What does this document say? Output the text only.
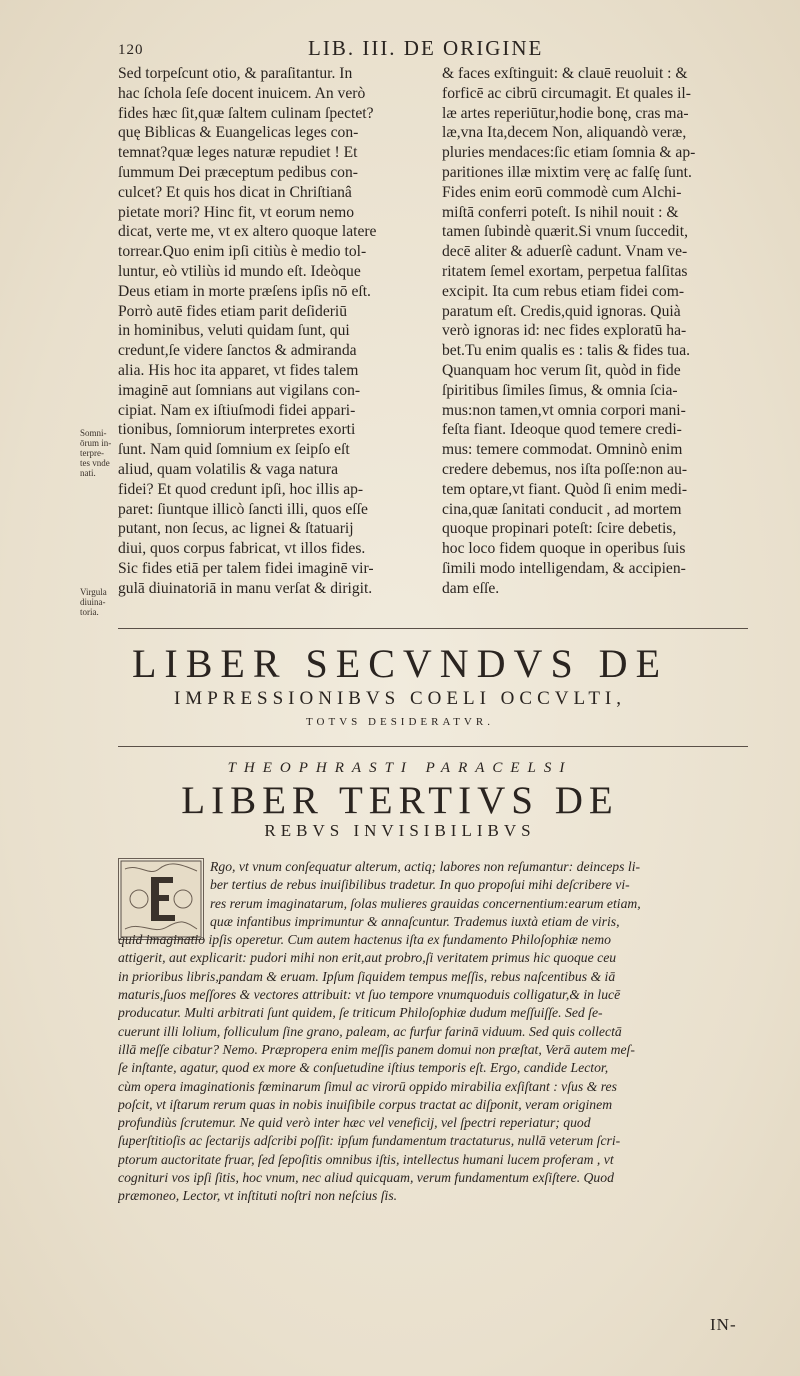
120	LIB. III. DE ORIGINE
Sed torpeſcunt otio, & paraſitantur. In
hac ſchola ſeſe docent inuicem. An verò
fides hæc ſit,quæ ſaltem culinam ſpectet?
quę Biblicas & Euangelicas leges con-
temnat?quæ leges naturæ repudiet ! Et
ſummum Dei præceptum pedibus con-
culcet? Et quis hos dicat in Chriſtianâ
pietate mori? Hinc fit, vt eorum nemo
dicat, verte me, vt ex altero quoque latere
torrear.Quo enim ipſi citiùs è medio tol-
luntur, eò vtiliùs id mundo eſt. Ideòque
Deus etiam in morte præſens ipſis nō eſt.
Porrò autē fides etiam parit deſideriū
in hominibus, veluti quidam ſunt, qui
credunt,ſe videre ſanctos & admiranda
alia. His hoc ita apparet, vt fides talem
imaginē aut ſomnians aut vigilans con-
cipiat. Nam ex iſtiuſmodi fidei appari-
tionibus, ſomniorum interpretes exorti
ſunt. Nam quid ſomnium ex ſeipſo eſt
aliud, quam volatilis & vaga natura
fidei? Et quod credunt ipſi, hoc illis ap-
paret: ſiuntque illicò ſancti illi, quos eſſe
putant, non ſecus, ac lignei & ſtatuarij
diui, quos corpus fabricat, vt illos fides.
Sic fides etiā per talem fidei imaginē vir-
gulā diuinatoriā in manu verſat & dirigit.
& faces exſtinguit: & clauē reuoluit : &
forficē ac cibrū circumagit. Et quales il-
læ artes reperiūtur,hodie bonę, cras ma-
læ,vna Ita,decem Non, aliquandò veræ,
pluries mendaces:ſic etiam ſomnia & ap-
paritiones illæ mixtim verę ac falſę ſunt.
Fides enim eorū commodè cum Alchi-
miſtā conferri poteſt. Is nihil nouit : &
tamen ſubindè quærit.Si vnum ſuccedit,
decē aliter & aduerſè cadunt. Vnam ve-
ritatem ſemel exortam, perpetua falſitas
excipit. Ita cum rebus etiam fidei com-
paratum eſt. Credis,quid ignoras. Quià
verò ignoras id: nec fides exploratū ha-
bet.Tu enim qualis es : talis & fides tua.
Quanquam hoc verum ſit, quòd in fide
ſpiritibus ſimiles ſimus, & omnia ſcia-
mus:non tamen,vt omnia corpori mani-
feſta fiant. Ideoque quod temere credi-
mus: temere commodat. Omninò enim
credere debemus, nos iſta poſſe:non au-
tem optare,vt fiant. Quòd ſi enim medi-
cina,quæ ſanitati conducit , ad mortem
quoque propinari poteſt: ſcire debetis,
hoc loco fidem quoque in operibus ſuis
ſimili modo intelligendam, & accipien-
dam eſſe.
Somni-
ōrum in-
terpre-
tes vnde
nati.
Virgula
diuina-
toria.
LIBER SECVNDVS DE
IMPRESSIONIBVS COELI OCCVLTI,
TOTVS DESIDERATVR.
THEOPHRASTI PARACELSI
LIBER TERTIVS DE
REBVS INVISIBILIBVS
Rgo, vt vnum conſequatur alterum, actiq; labores non reſumantur: deinceps li-
ber tertius de rebus inuiſibilibus tradetur. In quo propoſui mihi deſcribere vi-
res rerum imaginatarum, ſolas mulieres grauidas concernentium:earum etiam,
quæ infantibus imprimuntur & annaſcuntur. Trademus iuxtà etiam de viris,
quid imaginatio ipſis operetur. Cum autem hactenus iſta ex fundamento Philoſophiæ nemo
attigerit, aut explicarit: pudori mihi non erit,aut probro,ſi veritatem primus hic quoque ceu
in prioribus libris,pandam & eruam. Ipſum ſiquidem tempus meſſis, rebus naſcentibus & iā
maturis,ſuos meſſores & vectores attribuit: vt ſuo tempore vnumquoduis colligatur,& in lucē
producatur. Multi arbitrati ſunt quidem, ſe triticum Philoſophiæ dudum meſſuiſſe. Sed ſe-
cuerunt illi lolium, folliculum ſine grano, paleam, ac furfur farinā viduum. Sed quis collectā
illā meſſe cibatur? Nemo. Præpropera enim meſſis panem domui non præſtat, Verā autem meſ-
ſe inſtante, agatur, quod ex more & conſuetudine iſtius temporis eſt. Ergo, candide Lector,
cùm opera imaginationis fœminarum ſimul ac virorū oppido mirabilia exſiſtant : vſus & res
poſcit, vt iſtarum rerum quas in nobis inuiſibile corpus tractat ac diſponit, veram originem
profundiùs ſcrutemur. Ne quid verò inter hæc vel veneficij, vel ſpectri reperiatur; quod
ſuperſtitioſis ac ſectarijs adſcribi poſſit: ipſum fundamentum tractaturus, nullā veterum ſcri-
ptorum auctoritate fruar, ſed ſepoſitis omnibus iſtis, intellectus humani lucem proferam , vt
cognituri vos ipſi ſitis, hoc vnum, nec aliud quicquam, verum fundamentum exſiſtere. Quod
præmoneo, Lector, vt inſtituti noſtri non neſcius ſis.
IN-
